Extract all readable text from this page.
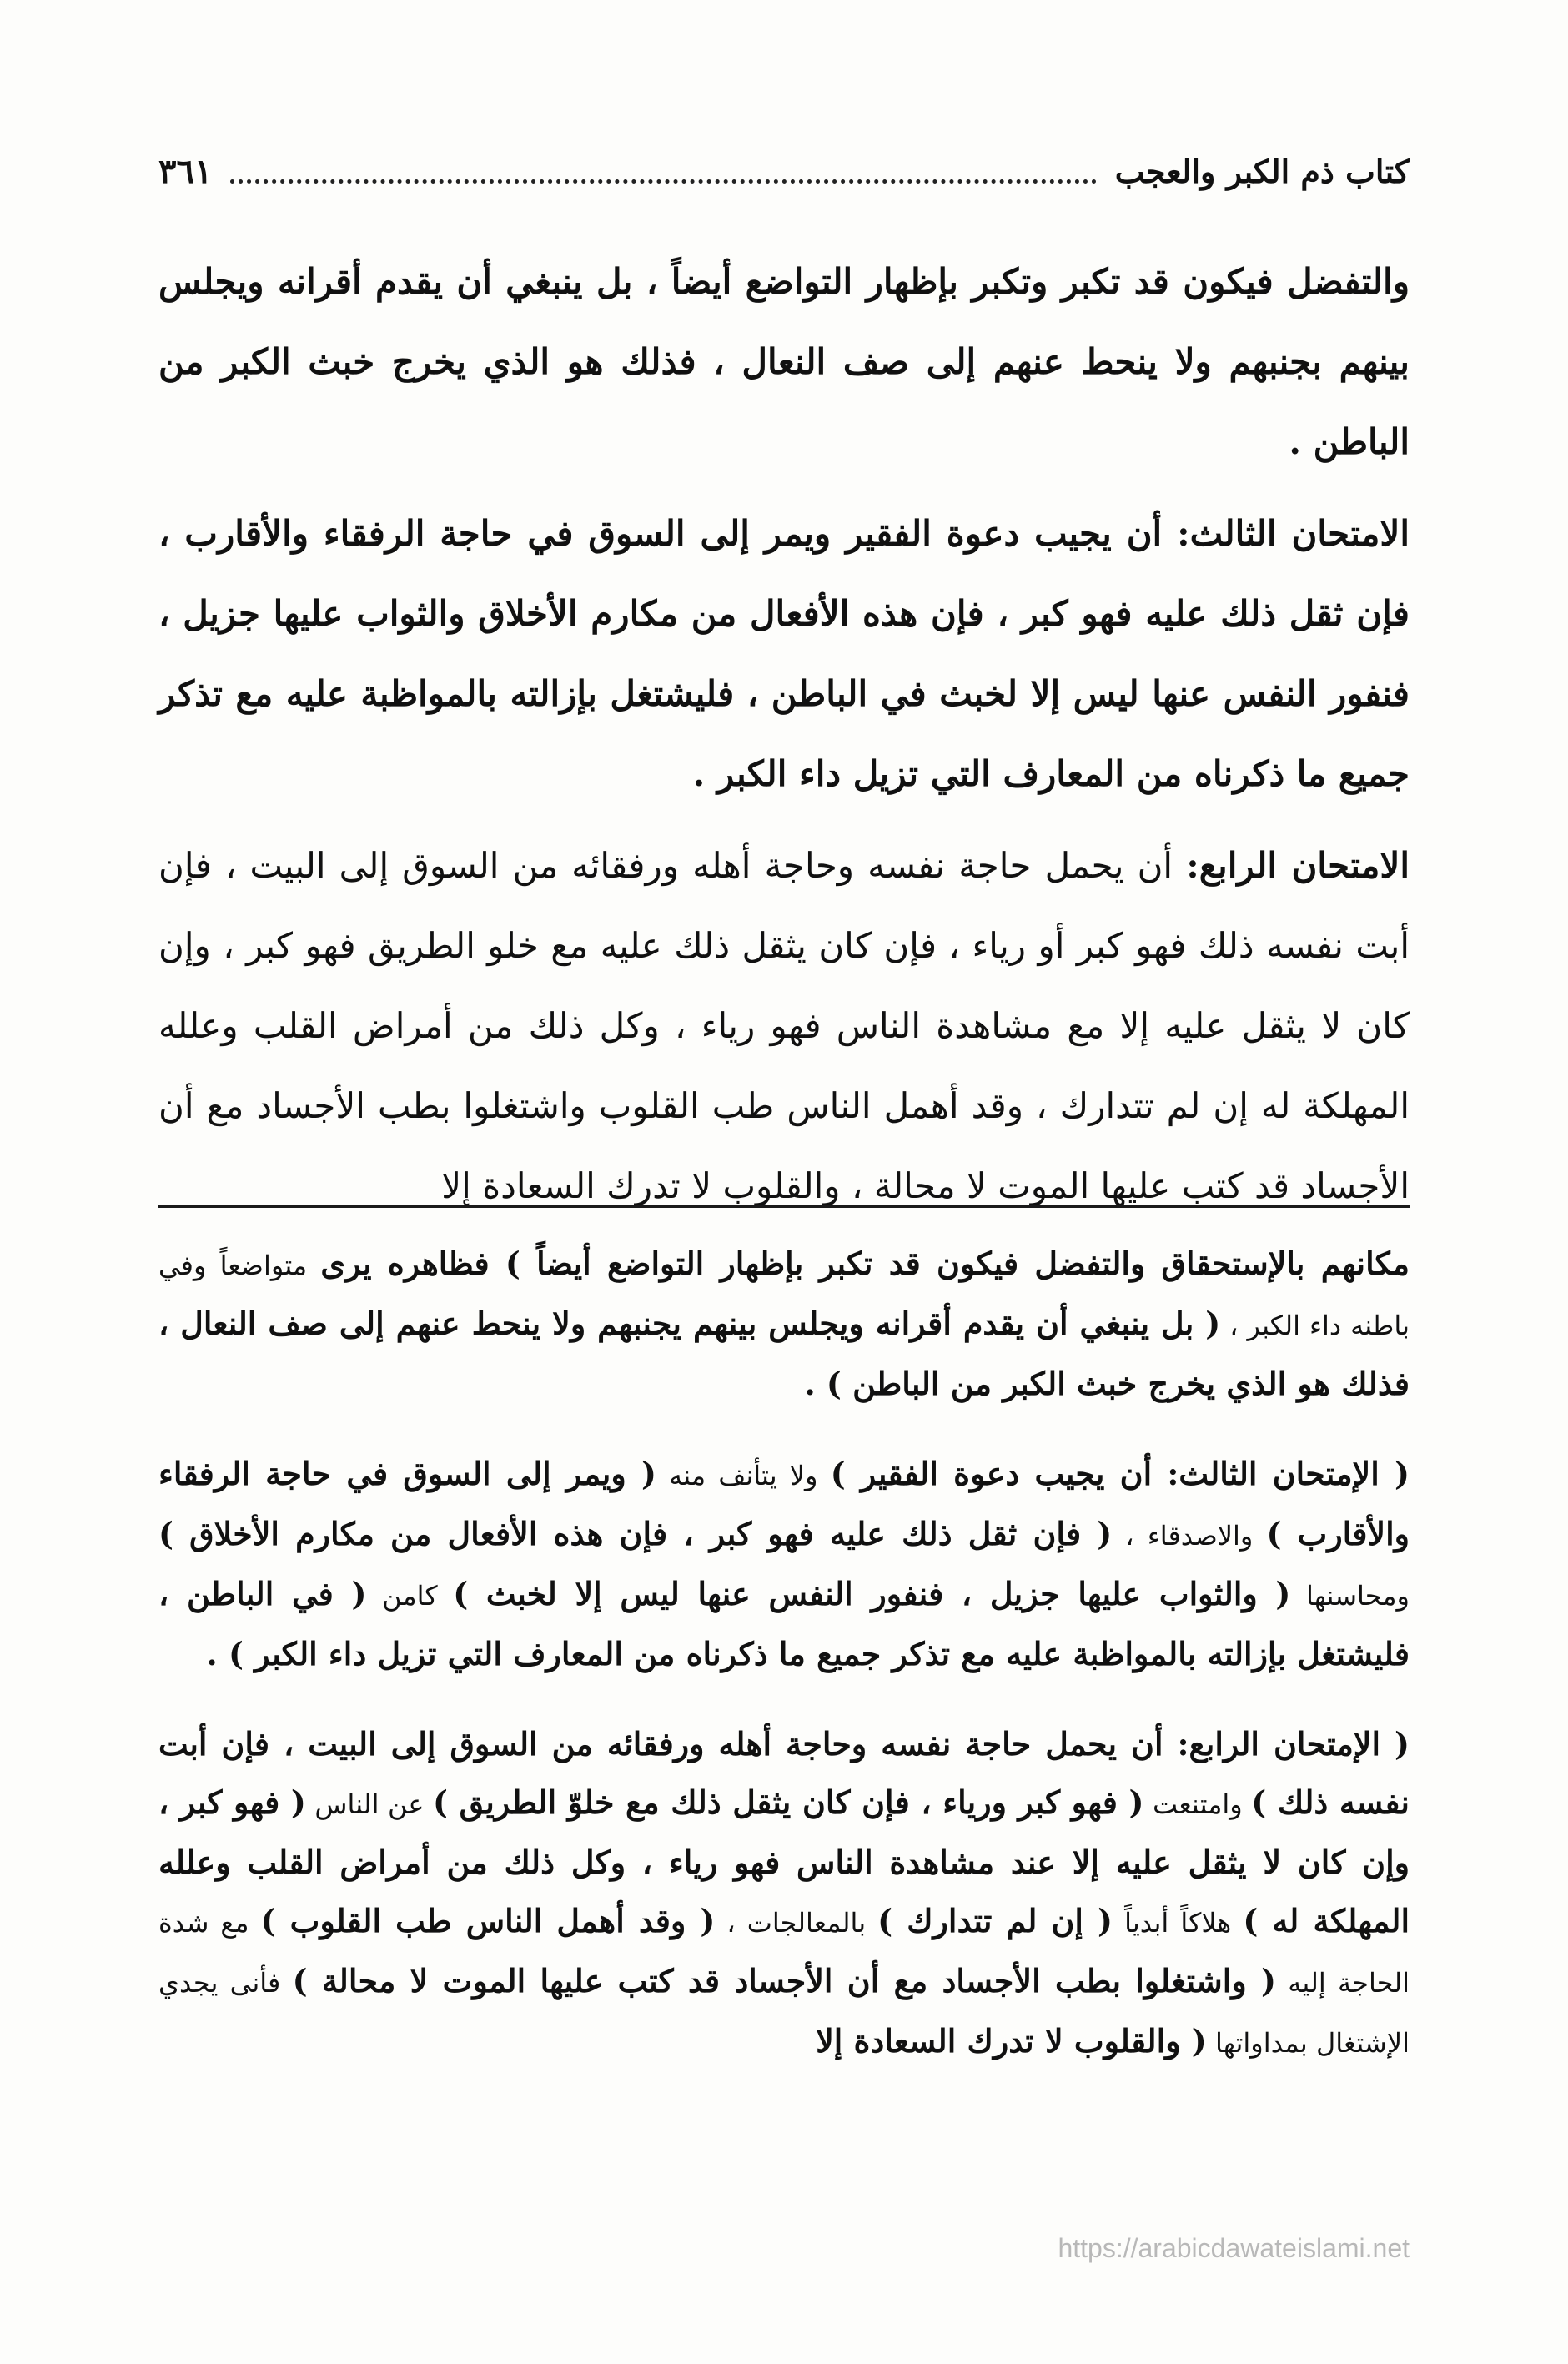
كتاب ذم الكبر والعجب
٣٦١

والتفضل فيكون قد تكبر وتكبر بإظهار التواضع أيضاً ، بل ينبغي أن يقدم أقرانه ويجلس بينهم بجنبهم ولا ينحط عنهم إلى صف النعال ، فذلك هو الذي يخرج خبث الكبر من الباطن .

الامتحان الثالث: أن يجيب دعوة الفقير ويمر إلى السوق في حاجة الرفقاء والأقارب ، فإن ثقل ذلك عليه فهو كبر ، فإن هذه الأفعال من مكارم الأخلاق والثواب عليها جزيل ، فنفور النفس عنها ليس إلا لخبث في الباطن ، فليشتغل بإزالته بالمواظبة عليه مع تذكر جميع ما ذكرناه من المعارف التي تزيل داء الكبر .

الامتحان الرابع: أن يحمل حاجة نفسه وحاجة أهله ورفقائه من السوق إلى البيت ، فإن أبت نفسه ذلك فهو كبر أو رياء ، فإن كان يثقل ذلك عليه مع خلو الطريق فهو كبر ، وإن كان لا يثقل عليه إلا مع مشاهدة الناس فهو رياء ، وكل ذلك من أمراض القلب وعلله المهلكة له إن لم تتدارك ، وقد أهمل الناس طب القلوب واشتغلوا بطب الأجساد مع أن الأجساد قد كتب عليها الموت لا محالة ، والقلوب لا تدرك السعادة إلا

مكانهم بالإستحقاق والتفضل فيكون قد تكبر بإظهار التواضع أيضاً ) فظاهره يرى متواضعاً وفي باطنه داء الكبر ، ( بل ينبغي أن يقدم أقرانه ويجلس بينهم يجنبهم ولا ينحط عنهم إلى صف النعال ، فذلك هو الذي يخرج خبث الكبر من الباطن ) .

( الإمتحان الثالث: أن يجيب دعوة الفقير ) ولا يتأنف منه ( ويمر إلى السوق في حاجة الرفقاء والأقارب ) والاصدقاء ، ( فإن ثقل ذلك عليه فهو كبر ، فإن هذه الأفعال من مكارم الأخلاق ) ومحاسنها ( والثواب عليها جزيل ، فنفور النفس عنها ليس إلا لخبث ) كامن ( في الباطن ، فليشتغل بإزالته بالمواظبة عليه مع تذكر جميع ما ذكرناه من المعارف التي تزيل داء الكبر ) .

( الإمتحان الرابع: أن يحمل حاجة نفسه وحاجة أهله ورفقائه من السوق إلى البيت ، فإن أبت نفسه ذلك ) وامتنعت ( فهو كبر ورياء ، فإن كان يثقل ذلك مع خلوّ الطريق ) عن الناس ( فهو كبر ، وإن كان لا يثقل عليه إلا عند مشاهدة الناس فهو رياء ، وكل ذلك من أمراض القلب وعلله المهلكة له ) هلاكاً أبدياً ( إن لم تتدارك ) بالمعالجات ، ( وقد أهمل الناس طب القلوب ) مع شدة الحاجة إليه ( واشتغلوا بطب الأجساد مع أن الأجساد قد كتب عليها الموت لا محالة ) فأنى يجدي الإشتغال بمداواتها ( والقلوب لا تدرك السعادة إلا

https://arabicdawateislami.net
